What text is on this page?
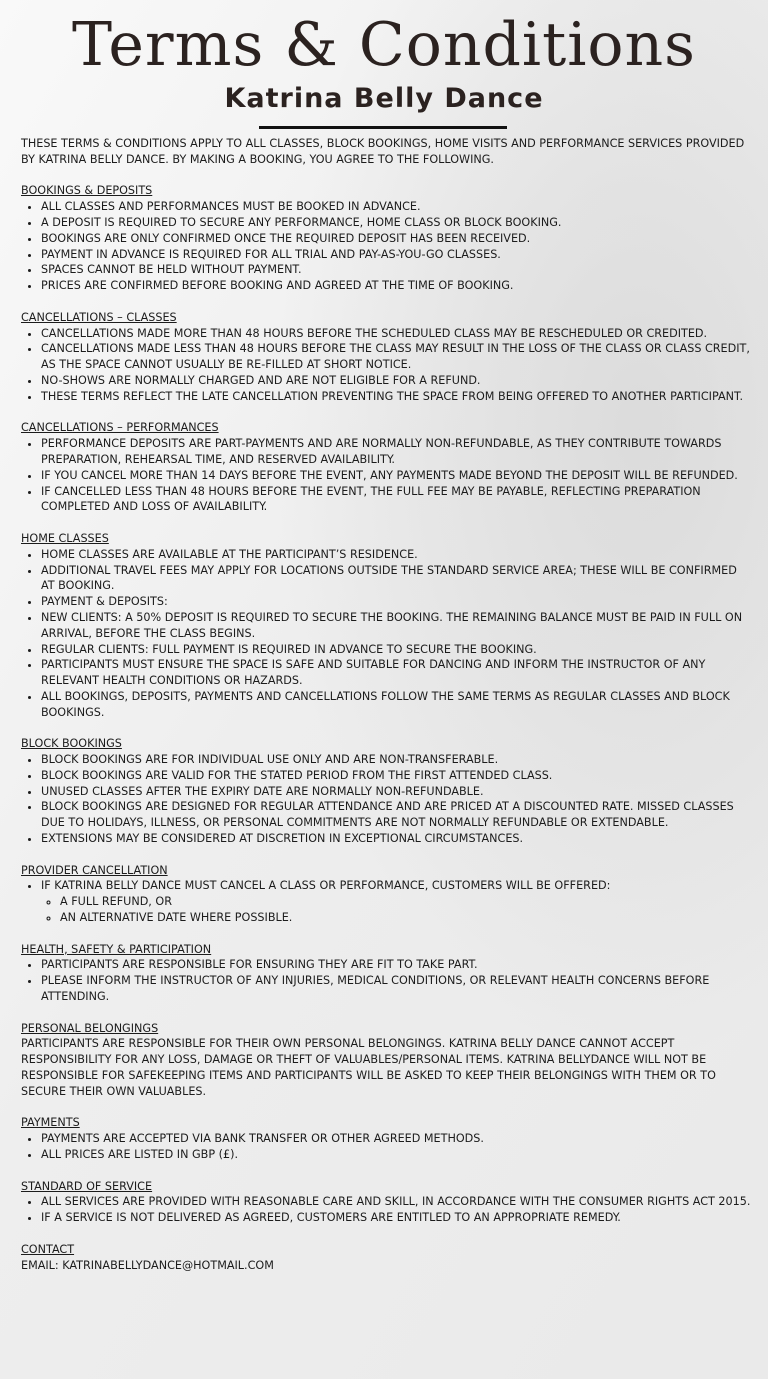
Terms & Conditions
Katrina Belly Dance

THESE TERMS & CONDITIONS APPLY TO ALL CLASSES, BLOCK BOOKINGS, HOME VISITS AND PERFORMANCE SERVICES PROVIDED BY KATRINA BELLY DANCE. BY MAKING A BOOKING, YOU AGREE TO THE FOLLOWING.

BOOKINGS & DEPOSITS

• ALL CLASSES AND PERFORMANCES MUST BE BOOKED IN ADVANCE.
• A DEPOSIT IS REQUIRED TO SECURE ANY PERFORMANCE, HOME CLASS OR BLOCK BOOKING.
• BOOKINGS ARE ONLY CONFIRMED ONCE THE REQUIRED DEPOSIT HAS BEEN RECEIVED.
• PAYMENT IN ADVANCE IS REQUIRED FOR ALL TRIAL AND PAY-AS-YOU-GO CLASSES.
• SPACES CANNOT BE HELD WITHOUT PAYMENT.
• PRICES ARE CONFIRMED BEFORE BOOKING AND AGREED AT THE TIME OF BOOKING.

CANCELLATIONS – CLASSES

• CANCELLATIONS MADE MORE THAN 48 HOURS BEFORE THE SCHEDULED CLASS MAY BE RESCHEDULED OR CREDITED.
• CANCELLATIONS MADE LESS THAN 48 HOURS BEFORE THE CLASS MAY RESULT IN THE LOSS OF THE CLASS OR CLASS CREDIT, AS THE SPACE CANNOT USUALLY BE RE-FILLED AT SHORT NOTICE.
• NO-SHOWS ARE NORMALLY CHARGED AND ARE NOT ELIGIBLE FOR A REFUND.
• THESE TERMS REFLECT THE LATE CANCELLATION PREVENTING THE SPACE FROM BEING OFFERED TO ANOTHER PARTICIPANT.

CANCELLATIONS – PERFORMANCES

• PERFORMANCE DEPOSITS ARE PART-PAYMENTS AND ARE NORMALLY NON-REFUNDABLE, AS THEY CONTRIBUTE TOWARDS PREPARATION, REHEARSAL TIME, AND RESERVED AVAILABILITY.
• IF YOU CANCEL MORE THAN 14 DAYS BEFORE THE EVENT, ANY PAYMENTS MADE BEYOND THE DEPOSIT WILL BE REFUNDED.
• IF CANCELLED LESS THAN 48 HOURS BEFORE THE EVENT, THE FULL FEE MAY BE PAYABLE, REFLECTING PREPARATION COMPLETED AND LOSS OF AVAILABILITY.

HOME CLASSES

• HOME CLASSES ARE AVAILABLE AT THE PARTICIPANT’S RESIDENCE.
• ADDITIONAL TRAVEL FEES MAY APPLY FOR LOCATIONS OUTSIDE THE STANDARD SERVICE AREA; THESE WILL BE CONFIRMED AT BOOKING.
• PAYMENT & DEPOSITS:
• NEW CLIENTS: A 50% DEPOSIT IS REQUIRED TO SECURE THE BOOKING. THE REMAINING BALANCE MUST BE PAID IN FULL ON ARRIVAL, BEFORE THE CLASS BEGINS.
• REGULAR CLIENTS: FULL PAYMENT IS REQUIRED IN ADVANCE TO SECURE THE BOOKING.
• PARTICIPANTS MUST ENSURE THE SPACE IS SAFE AND SUITABLE FOR DANCING AND INFORM THE INSTRUCTOR OF ANY RELEVANT HEALTH CONDITIONS OR HAZARDS.
• ALL BOOKINGS, DEPOSITS, PAYMENTS AND CANCELLATIONS FOLLOW THE SAME TERMS AS REGULAR CLASSES AND BLOCK BOOKINGS.

BLOCK BOOKINGS

• BLOCK BOOKINGS ARE FOR INDIVIDUAL USE ONLY AND ARE NON-TRANSFERABLE.
• BLOCK BOOKINGS ARE VALID FOR THE STATED PERIOD FROM THE FIRST ATTENDED CLASS.
• UNUSED CLASSES AFTER THE EXPIRY DATE ARE NORMALLY NON-REFUNDABLE.
• BLOCK BOOKINGS ARE DESIGNED FOR REGULAR ATTENDANCE AND ARE PRICED AT A DISCOUNTED RATE. MISSED CLASSES DUE TO HOLIDAYS, ILLNESS, OR PERSONAL COMMITMENTS ARE NOT NORMALLY REFUNDABLE OR EXTENDABLE.
• EXTENSIONS MAY BE CONSIDERED AT DISCRETION IN EXCEPTIONAL CIRCUMSTANCES.

PROVIDER CANCELLATION

• IF KATRINA BELLY DANCE MUST CANCEL A CLASS OR PERFORMANCE, CUSTOMERS WILL BE OFFERED:
◦ A FULL REFUND, OR
◦ AN ALTERNATIVE DATE WHERE POSSIBLE.

HEALTH, SAFETY & PARTICIPATION

• PARTICIPANTS ARE RESPONSIBLE FOR ENSURING THEY ARE FIT TO TAKE PART.
• PLEASE INFORM THE INSTRUCTOR OF ANY INJURIES, MEDICAL CONDITIONS, OR RELEVANT HEALTH CONCERNS BEFORE ATTENDING.

PERSONAL BELONGINGS

PARTICIPANTS ARE RESPONSIBLE FOR THEIR OWN PERSONAL BELONGINGS. KATRINA BELLY DANCE CANNOT ACCEPT RESPONSIBILITY FOR ANY LOSS, DAMAGE OR THEFT OF VALUABLES/PERSONAL ITEMS. KATRINA BELLYDANCE WILL NOT BE RESPONSIBLE FOR SAFEKEEPING ITEMS AND PARTICIPANTS WILL BE ASKED TO KEEP THEIR BELONGINGS WITH THEM OR TO SECURE THEIR OWN VALUABLES.

PAYMENTS

• PAYMENTS ARE ACCEPTED VIA BANK TRANSFER OR OTHER AGREED METHODS.
• ALL PRICES ARE LISTED IN GBP (£).

STANDARD OF SERVICE

• ALL SERVICES ARE PROVIDED WITH REASONABLE CARE AND SKILL, IN ACCORDANCE WITH THE CONSUMER RIGHTS ACT 2015.
• IF A SERVICE IS NOT DELIVERED AS AGREED, CUSTOMERS ARE ENTITLED TO AN APPROPRIATE REMEDY.

CONTACT

EMAIL: KATRINABELLYDANCE@HOTMAIL.COM
